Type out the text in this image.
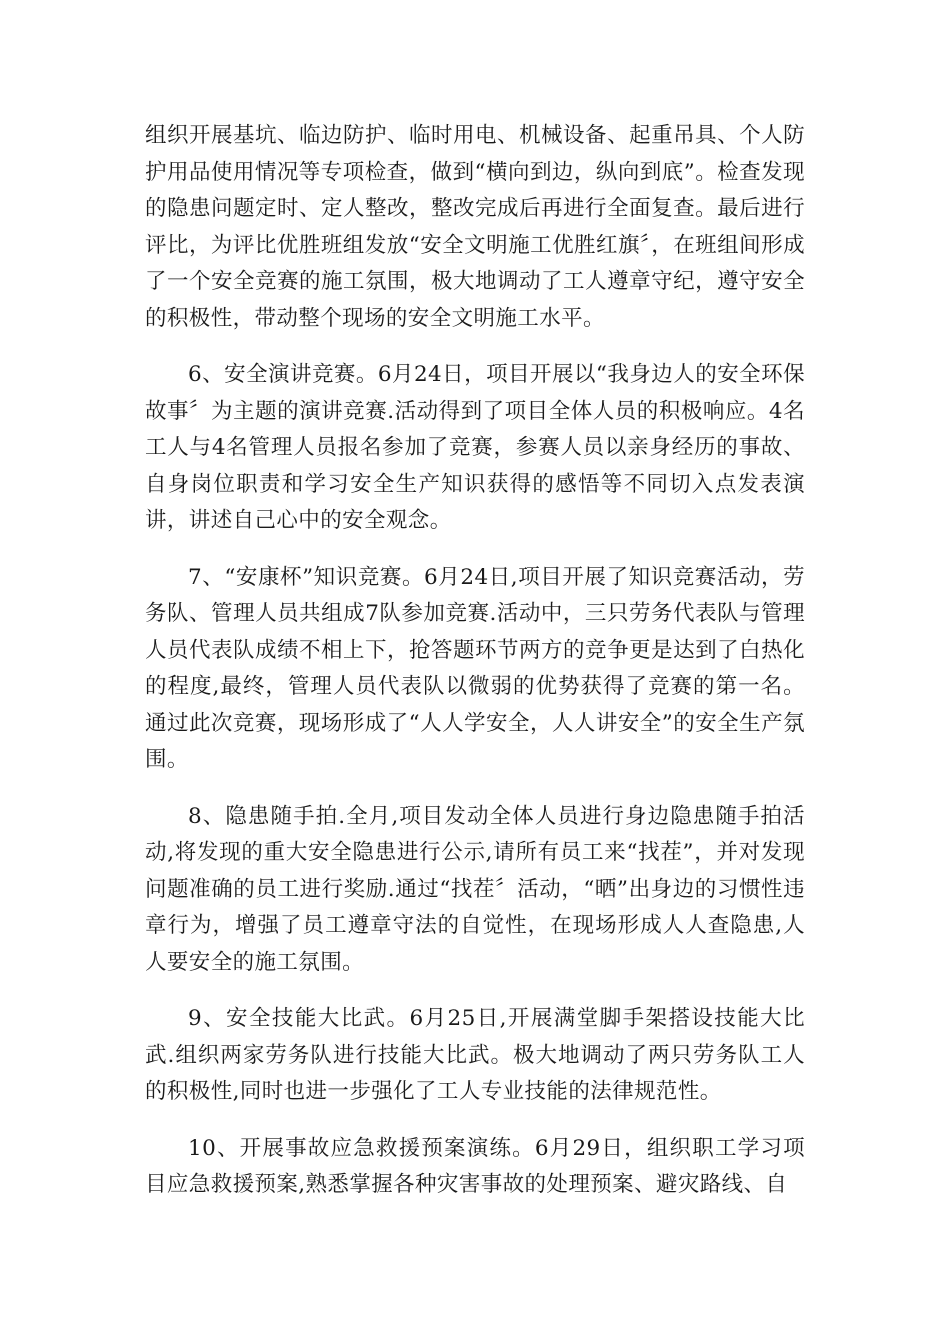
组织开展基坑、临边防护、临时用电、机械设备、起重吊具、个人防护用品使用情况等专项检查，做到“横向到边，纵向到底”。检查发现的隐患问题定时、定人整改，整改完成后再进行全面复查。最后进行评比，为评比优胜班组发放“安全文明施工优胜红旗〞，在班组间形成了一个安全竞赛的施工氛围，极大地调动了工人遵章守纪，遵守安全的积极性，带动整个现场的安全文明施工水平。

6、安全演讲竞赛。6月24日，项目开展以“我身边人的安全环保故事〞为主题的演讲竞赛.活动得到了项目全体人员的积极响应。4名工人与4名管理人员报名参加了竞赛，参赛人员以亲身经历的事故、自身岗位职责和学习安全生产知识获得的感悟等不同切入点发表演讲，讲述自己心中的安全观念。

7、“安康杯”知识竞赛。6月24日,项目开展了知识竞赛活动，劳务队、管理人员共组成7队参加竞赛.活动中，三只劳务代表队与管理人员代表队成绩不相上下，抢答题环节两方的竞争更是达到了白热化的程度,最终，管理人员代表队以微弱的优势获得了竞赛的第一名。通过此次竞赛，现场形成了“人人学安全，人人讲安全”的安全生产氛围。

8、隐患随手拍.全月,项目发动全体人员进行身边隐患随手拍活动,将发现的重大安全隐患进行公示,请所有员工来“找茬”，并对发现问题准确的员工进行奖励.通过“找茬〞活动，“晒”出身边的习惯性违章行为，增强了员工遵章守法的自觉性，在现场形成人人查隐患,人人要安全的施工氛围。

9、安全技能大比武。6月25日,开展满堂脚手架搭设技能大比武.组织两家劳务队进行技能大比武。极大地调动了两只劳务队工人的积极性,同时也进一步强化了工人专业技能的法律规范性。

10、开展事故应急救援预案演练。6月29日，组织职工学习项目应急救援预案,熟悉掌握各种灾害事故的处理预案、避灾路线、自
